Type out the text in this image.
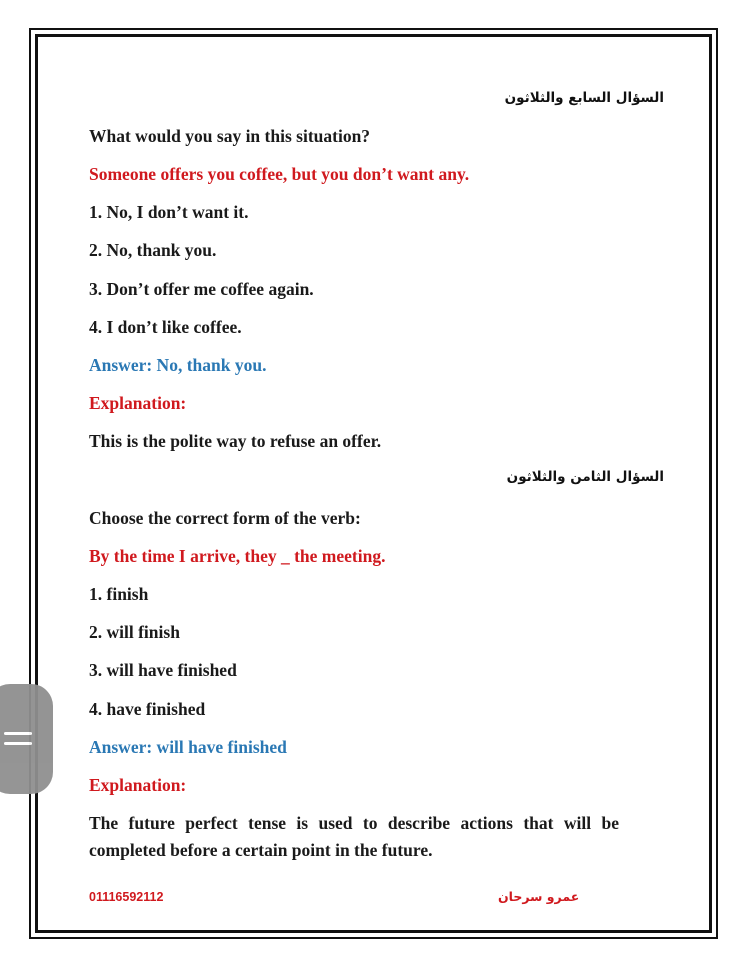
السؤال السابع والثلاثون
What would you say in this situation?
Someone offers you coffee, but you don’t want any.
1. No, I don’t want it.
2. No, thank you.
3. Don’t offer me coffee again.
4. I don’t like coffee.
Answer: No, thank you.
Explanation:
This is the polite way to refuse an offer.
السؤال الثامن والثلاثون
Choose the correct form of the verb:
By the time I arrive, they _ the meeting.
1. finish
2. will finish
3. will have finished
4. have finished
Answer: will have finished
Explanation:
The future perfect tense is used to describe actions that will be completed before a certain point in the future.
01116592112	عمرو سرحان
